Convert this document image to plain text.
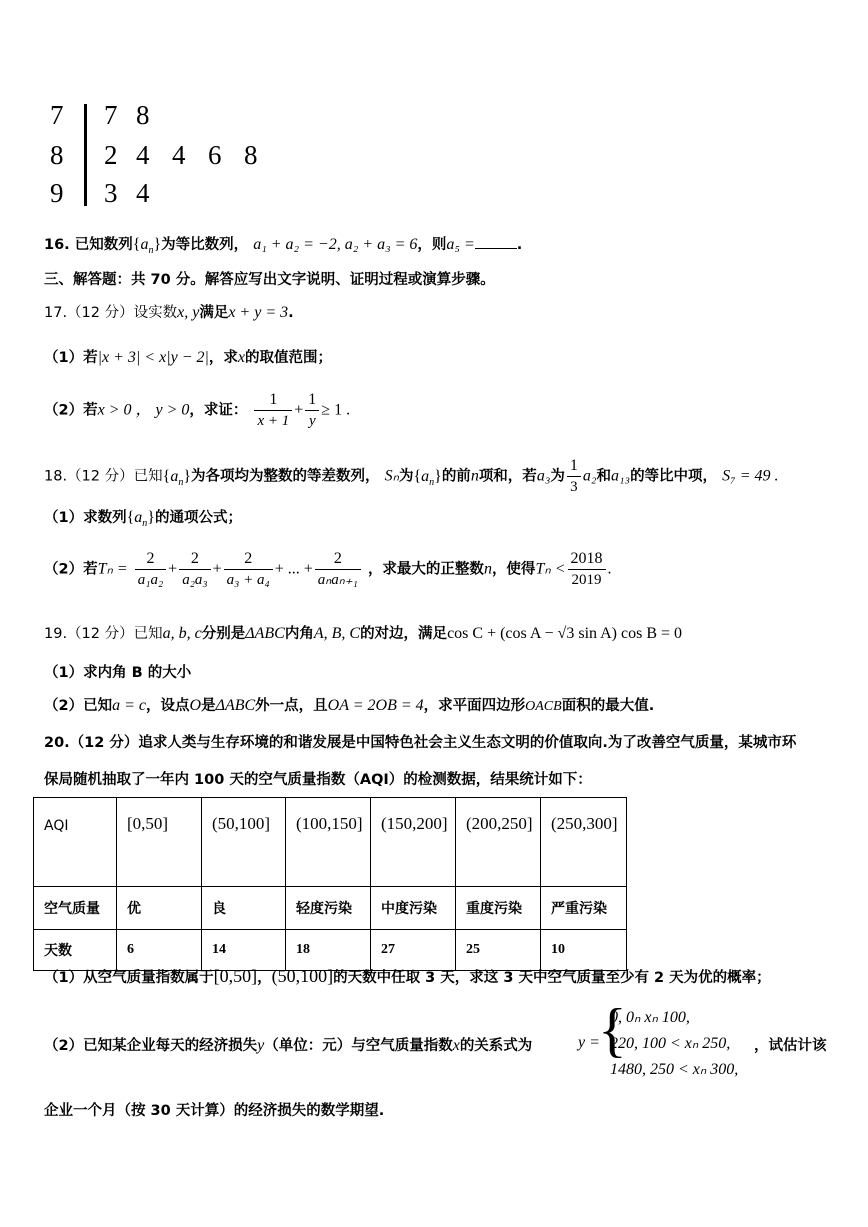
7 7 8
8 2 4 4 6 8
9 3 4
16. 已知数列$\{a_n\}$为等比数列， a₁ + a₂ = −2, a₂ + a₃ = 6，则a₅ =	.
三、解答题：共 70 分。解答应写出文字说明、证明过程或演算步骤。
17.（12 分）设实数x, y满足x + y = 3.
（1）若|x + 3| < x|y − 2|，求x的取值范围；
（2）若x > 0 ， y > 0，求证： $\frac{1}{x + 1} + \frac{1}{y} \ge 1$ .
18.（12 分）已知$\{a_n\}$为各项均为整数的等差数列， Sₙ为$\{a_n\}$的前n项和，若a₃为 $\frac{1}{3} a_2$和a₁₃的等比中项， S₇ = 49 .
（1）求数列$\{a_n\}$的通项公式；
（2）若$T_n = \frac{2}{\text{a₁a₂}} + \frac{2}{\text{a₂a₃}} + \frac{2}{\text{a₃ + a₄}}$ + ... + $\frac{2}{\text{aₙaₙ₊₁}}$ ，求最大的正整数n，使得$T_n < \frac{2018}{2019}$ .
19.（12 分）已知a, b, c分别是ΔABC内角A, B, C的对边，满足cos C + (cos A − √3 sin A) cos B = 0
（1）求内角 B 的大小
（2）已知a = c，设点O是ΔABC外一点，且OA = 2OB = 4，求平面四边形OACB面积的最大值.
20.（12 分）追求人类与生存环境的和谐发展是中国特色社会主义生态文明的价值取向.为了改善空气质量，某城市环
保局随机抽取了一年内 100 天的空气质量指数（AQI）的检测数据，结果统计如下：
AQI	[0,50]	(50,100]	(100,150]	(150,200]	(200,250]	(250,300]
空气质量	优	良	轻度污染	中度污染	重度污染	严重污染
天数	6	14	18	27	25	10
（1）从空气质量指数属于[0,50]，(50,100]的天数中任取 3 天，求这 3 天中空气质量至少有 2 天为优的概率；
（2）已知某企业每天的经济损失y（单位：元）与空气质量指数x的关系式为	y =
{
0, 0ₙ xₙ 100,
220, 100 < xₙ 250,
1480, 250 < xₙ 300,
，试估计该
企业一个月（按 30 天计算）的经济损失的数学期望.
